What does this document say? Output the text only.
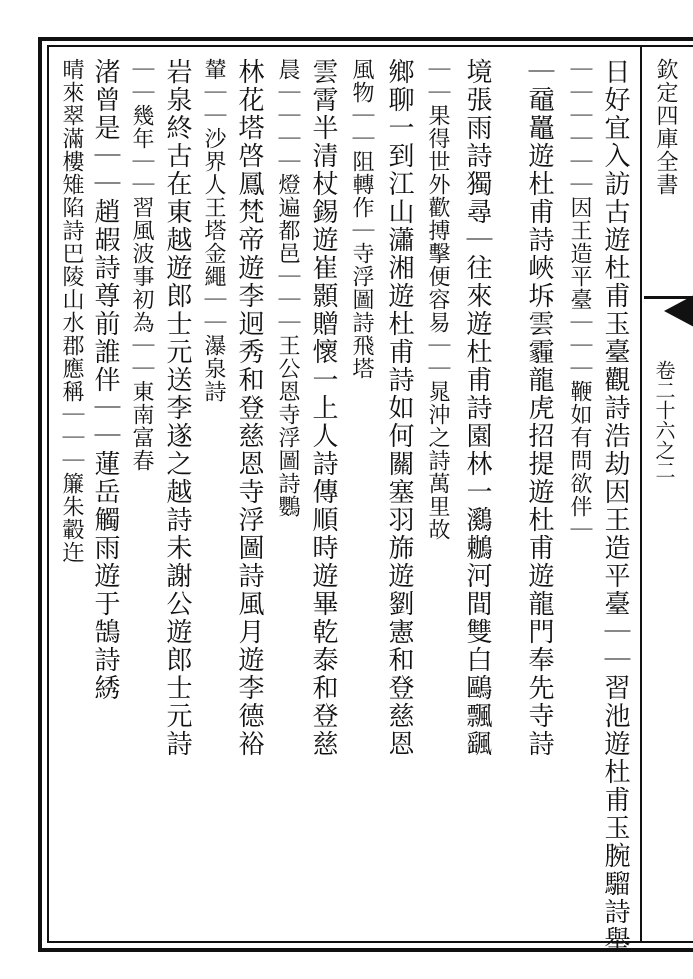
欽定四庫全書
卷二十六之二
日好宜入訪古遊杜甫玉臺觀詩浩劫因王造平臺｜｜習池遊杜甫玉腕騮詩舉
｜｜｜｜｜｜因王造平臺｜｜｜鞭如有問欲伴｜
｜黿鼉遊杜甫詩峽坼雲霾龍虎招提遊杜甫遊龍門奉先寺詩
境張雨詩獨尋｜往來遊杜甫詩園林一鸂鶒河間雙白鷗飄颻
｜｜果得世外歡搏擊便容易｜｜晁沖之詩萬里故
鄉聊一到江山瀟湘遊杜甫詩如何關塞羽旆遊劉憲和登慈恩
風物｜｜阻轉作｜寺浮圖詩飛塔
雲霄半清杖錫遊崔顥贈懷一上人詩傳順時遊畢乾泰和登慈
晨｜｜｜｜燈遍都邑｜｜｜王公恩寺浮圖詩鸚
林花塔啓鳳梵帝遊李迥秀和登慈恩寺浮圖詩風月遊李德裕
輦｜｜沙界人王塔金繩｜｜瀑泉詩
岩泉終古在東越遊郎士元送李遂之越詩未謝公遊郎士元詩
｜｜幾年｜｜習風波事初為｜｜東南富春
渚曾是｜｜趙嘏詩尊前誰伴｜｜蓮岳觸雨遊于鵠詩綉
晴來翠滿樓雉陷詩巴陵山水郡應稱｜｜｜簾朱轂迕
